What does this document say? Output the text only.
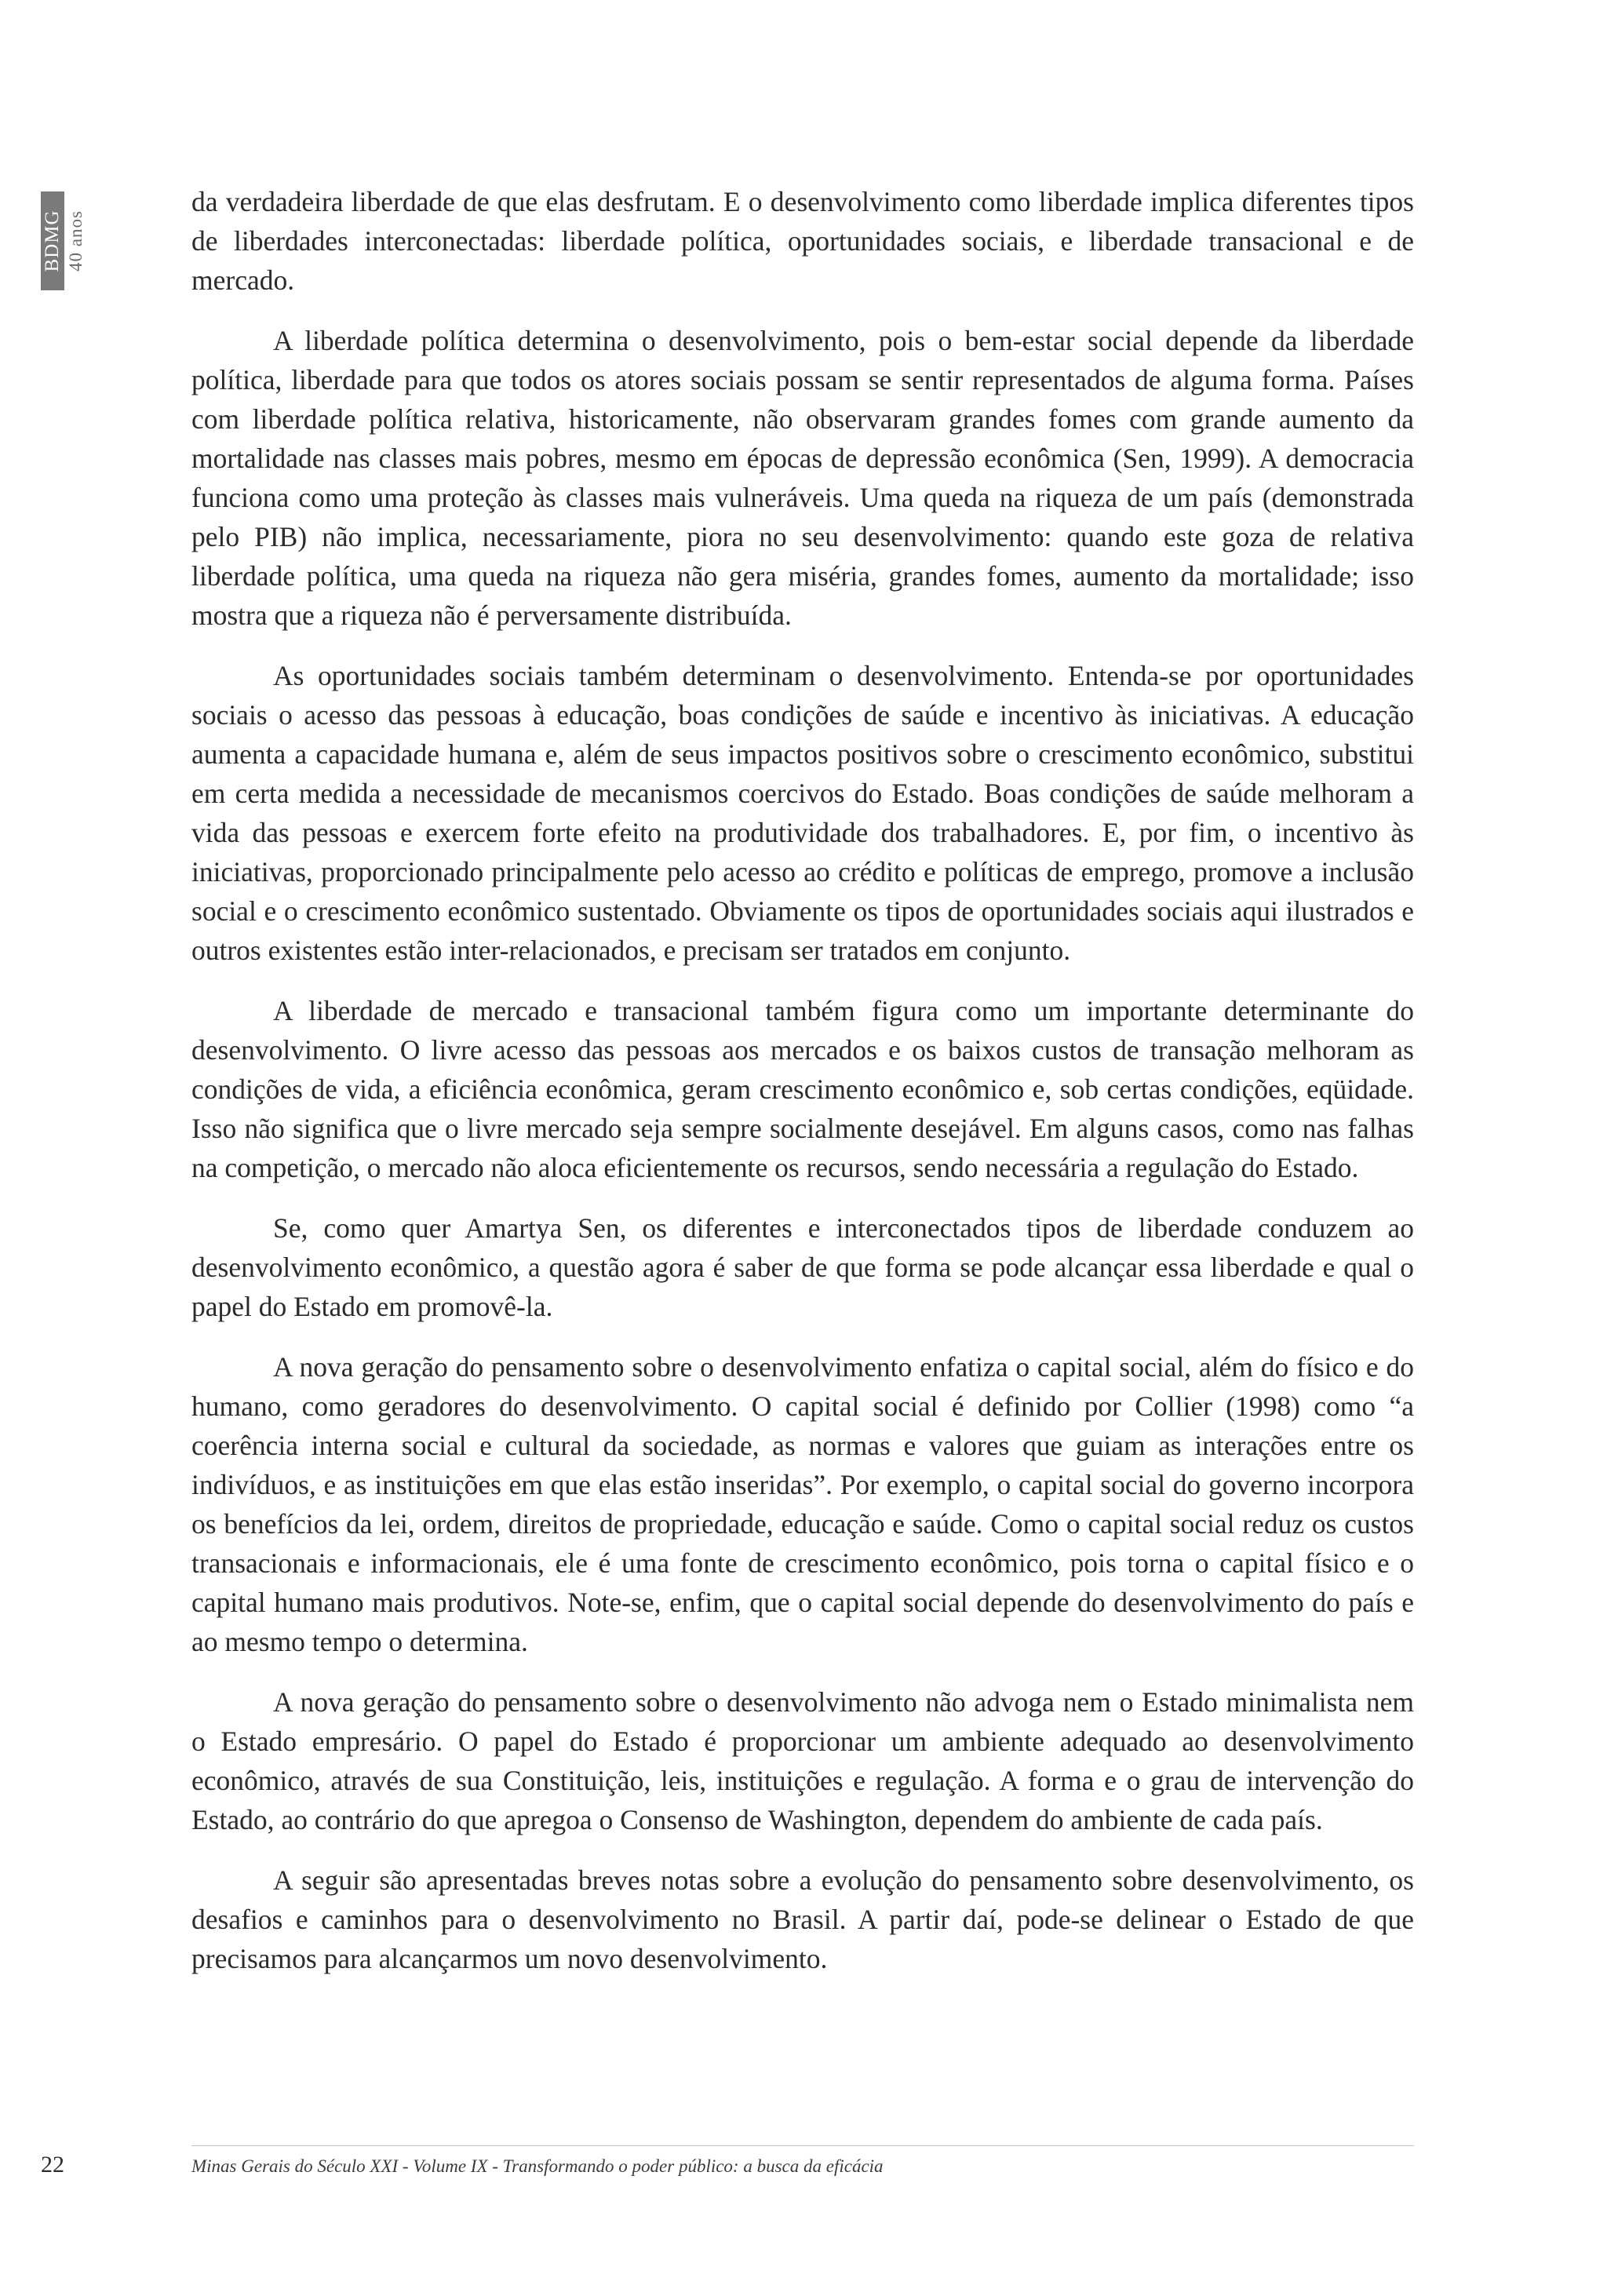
BDMG 40 anos

da verdadeira liberdade de que elas desfrutam. E o desenvolvimento como liberdade implica diferentes tipos de liberdades interconectadas: liberdade política, oportunidades sociais, e liberdade transacional e de mercado.

A liberdade política determina o desenvolvimento, pois o bem-estar social depende da liberdade política, liberdade para que todos os atores sociais possam se sentir representados de alguma forma. Países com liberdade política relativa, historicamente, não observaram grandes fomes com grande aumento da mortalidade nas classes mais pobres, mesmo em épocas de depressão econômica (Sen, 1999). A democracia funciona como uma proteção às classes mais vulneráveis. Uma queda na riqueza de um país (demonstrada pelo PIB) não implica, necessariamente, piora no seu desenvolvimento: quando este goza de relativa liberdade política, uma queda na riqueza não gera miséria, grandes fomes, aumento da mortalidade; isso mostra que a riqueza não é perversamente distribuída.

As oportunidades sociais também determinam o desenvolvimento. Entenda-se por oportunidades sociais o acesso das pessoas à educação, boas condições de saúde e incentivo às iniciativas. A educação aumenta a capacidade humana e, além de seus impactos positivos sobre o crescimento econômico, substitui em certa medida a necessidade de mecanismos coercivos do Estado. Boas condições de saúde melhoram a vida das pessoas e exercem forte efeito na produtividade dos trabalhadores. E, por fim, o incentivo às iniciativas, proporcionado principalmente pelo acesso ao crédito e políticas de emprego, promove a inclusão social e o crescimento econômico sustentado. Obviamente os tipos de oportunidades sociais aqui ilustrados e outros existentes estão inter-relacionados, e precisam ser tratados em conjunto.

A liberdade de mercado e transacional também figura como um importante determinante do desenvolvimento. O livre acesso das pessoas aos mercados e os baixos custos de transação melhoram as condições de vida, a eficiência econômica, geram crescimento econômico e, sob certas condições, eqüidade. Isso não significa que o livre mercado seja sempre socialmente desejável. Em alguns casos, como nas falhas na competição, o mercado não aloca eficientemente os recursos, sendo necessária a regulação do Estado.

Se, como quer Amartya Sen, os diferentes e interconectados tipos de liberdade conduzem ao desenvolvimento econômico, a questão agora é saber de que forma se pode alcançar essa liberdade e qual o papel do Estado em promovê-la.

A nova geração do pensamento sobre o desenvolvimento enfatiza o capital social, além do físico e do humano, como geradores do desenvolvimento. O capital social é definido por Collier (1998) como “a coerência interna social e cultural da sociedade, as normas e valores que guiam as interações entre os indivíduos, e as instituições em que elas estão inseridas”. Por exemplo, o capital social do governo incorpora os benefícios da lei, ordem, direitos de propriedade, educação e saúde. Como o capital social reduz os custos transacionais e informacionais, ele é uma fonte de crescimento econômico, pois torna o capital físico e o capital humano mais produtivos. Note-se, enfim, que o capital social depende do desenvolvimento do país e ao mesmo tempo o determina.

A nova geração do pensamento sobre o desenvolvimento não advoga nem o Estado minimalista nem o Estado empresário. O papel do Estado é proporcionar um ambiente adequado ao desenvolvimento econômico, através de sua Constituição, leis, instituições e regulação. A forma e o grau de intervenção do Estado, ao contrário do que apregoa o Consenso de Washington, dependem do ambiente de cada país.

A seguir são apresentadas breves notas sobre a evolução do pensamento sobre desenvolvimento, os desafios e caminhos para o desenvolvimento no Brasil. A partir daí, pode-se delinear o Estado de que precisamos para alcançarmos um novo desenvolvimento.

22	Minas Gerais do Século XXI - Volume IX - Transformando o poder público: a busca da eficácia
